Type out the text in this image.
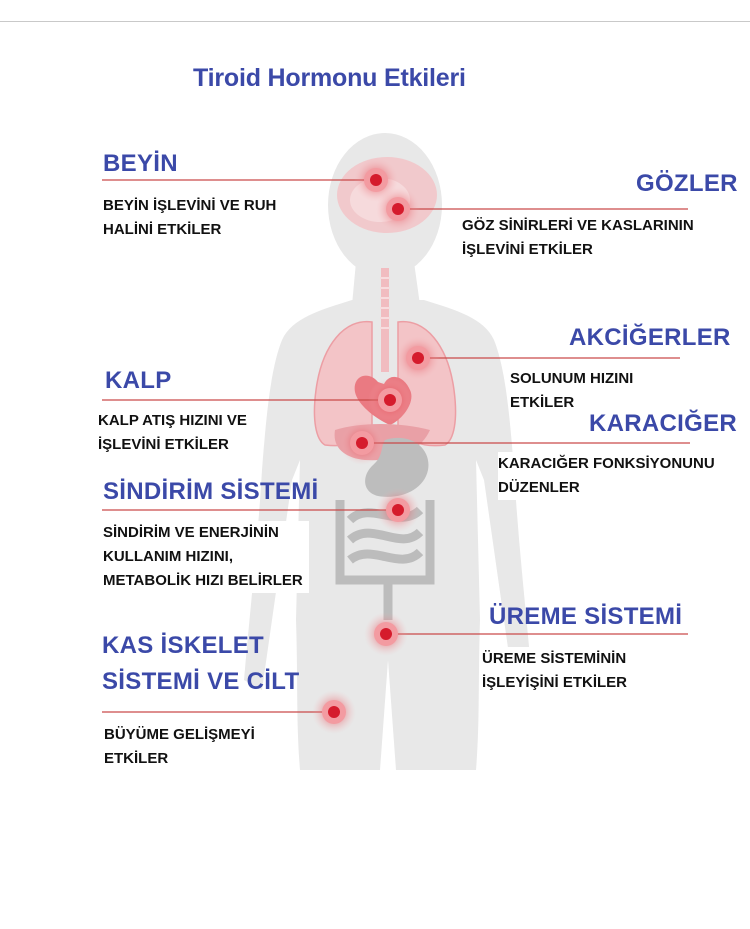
Tiroid Hormonu Etkileri
BEYİN
BEYİN İŞLEVİNİ VE RUH
HALİNİ ETKİLER
GÖZLER
GÖZ SİNİRLERİ VE KASLARININ
İŞLEVİNİ ETKİLER
AKCİĞERLER
SOLUNUM HIZINI
ETKİLER
KALP
KALP ATIŞ HIZINI VE
İŞLEVİNİ ETKİLER
KARACIĞER
KARACIĞER FONKSİYONUNU
DÜZENLER
SİNDİRİM SİSTEMİ
SİNDİRİM VE ENERJİNİN
KULLANIM HIZINI,
METABOLİK HIZI BELİRLER
ÜREME SİSTEMİ
ÜREME SİSTEMİNİN
İŞLEYİŞİNİ ETKİLER
KAS İSKELET
SİSTEMİ VE CİLT
BÜYÜME GELİŞMEYİ
ETKİLER
